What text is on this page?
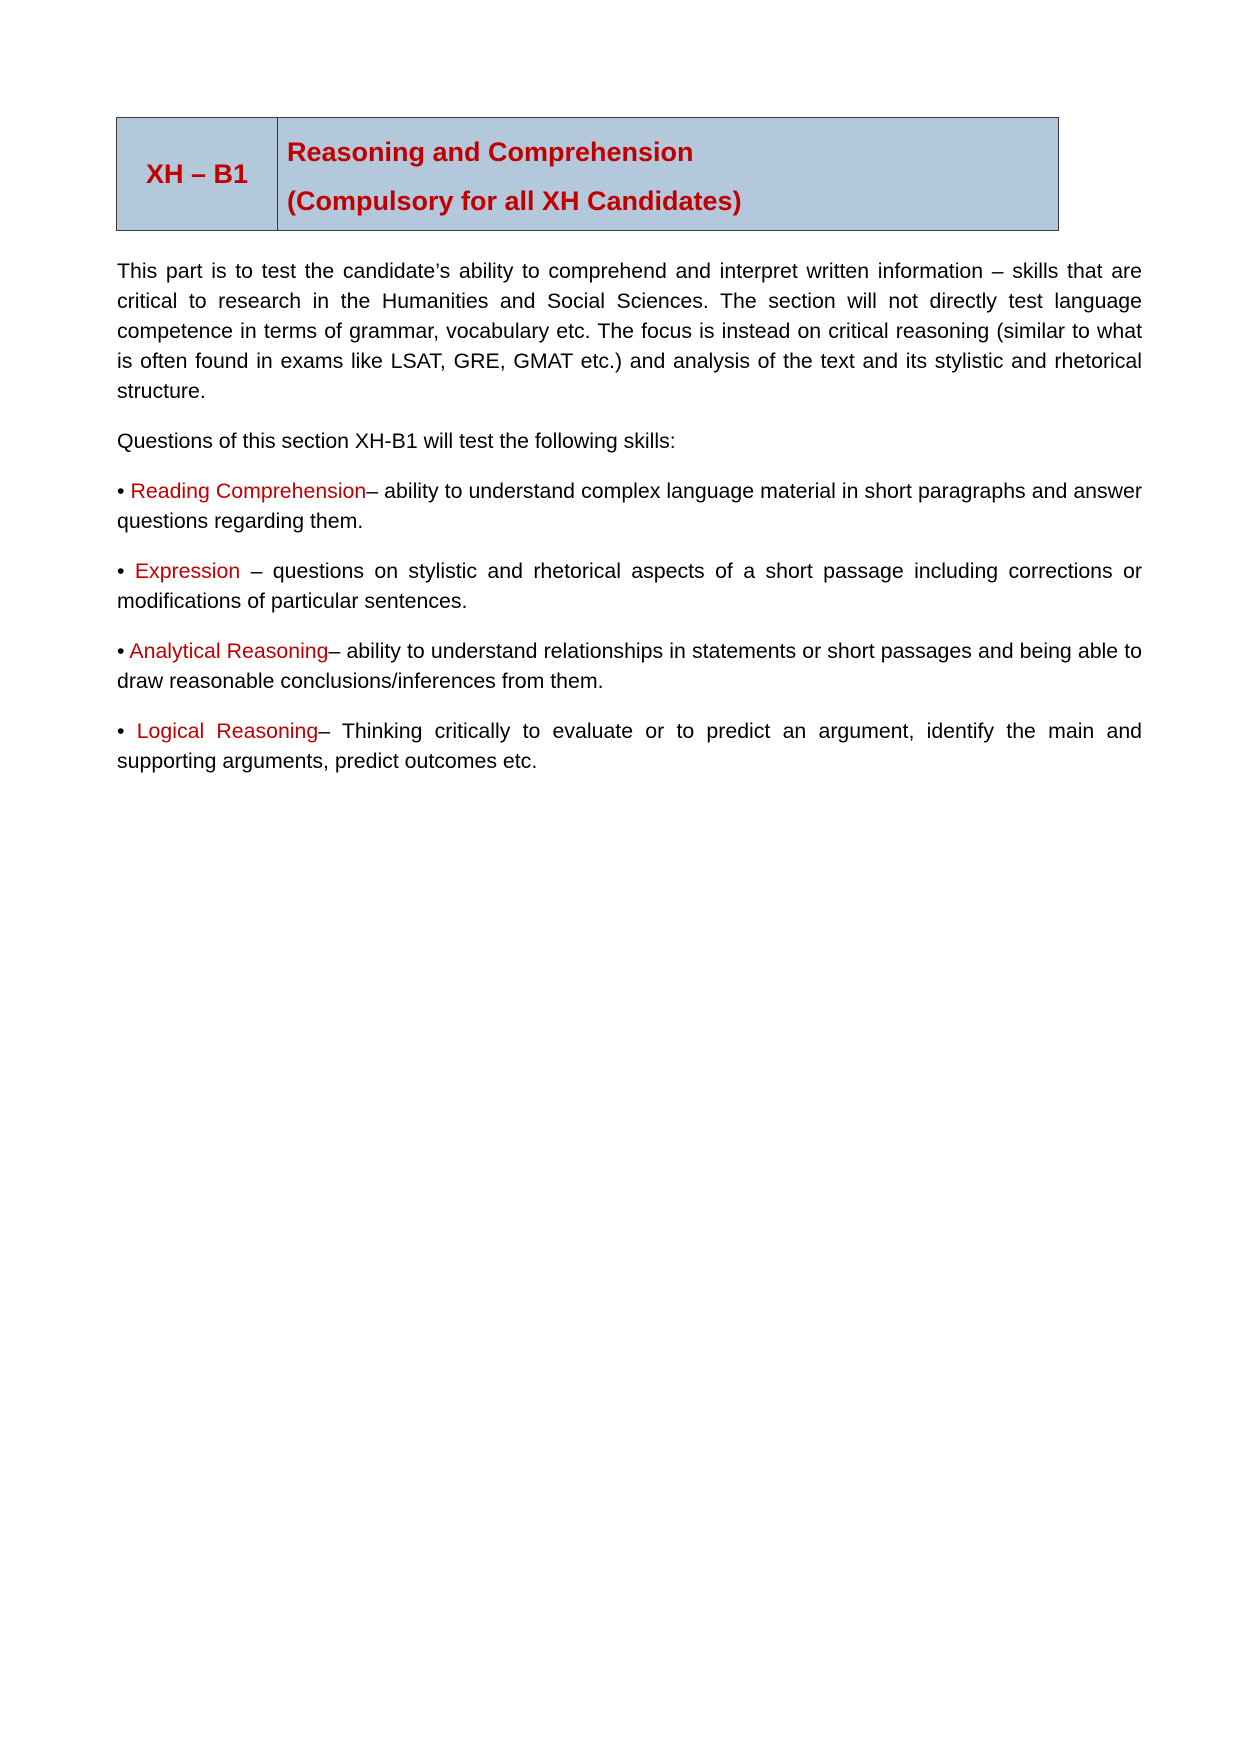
XH – B1
Reasoning and Comprehension
(Compulsory for all XH Candidates)

This part is to test the candidate’s ability to comprehend and interpret written information – skills that are critical to research in the Humanities and Social Sciences. The section will not directly test language competence in terms of grammar, vocabulary etc. The focus is instead on critical reasoning (similar to what is often found in exams like LSAT, GRE, GMAT etc.) and analysis of the text and its stylistic and rhetorical structure.

Questions of this section XH-B1 will test the following skills:

• Reading Comprehension– ability to understand complex language material in short paragraphs and answer questions regarding them.

• Expression – questions on stylistic and rhetorical aspects of a short passage including corrections or modifications of particular sentences.

• Analytical Reasoning– ability to understand relationships in statements or short passages and being able to draw reasonable conclusions/inferences from them.

• Logical Reasoning– Thinking critically to evaluate or to predict an argument, identify the main and supporting arguments, predict outcomes etc.
